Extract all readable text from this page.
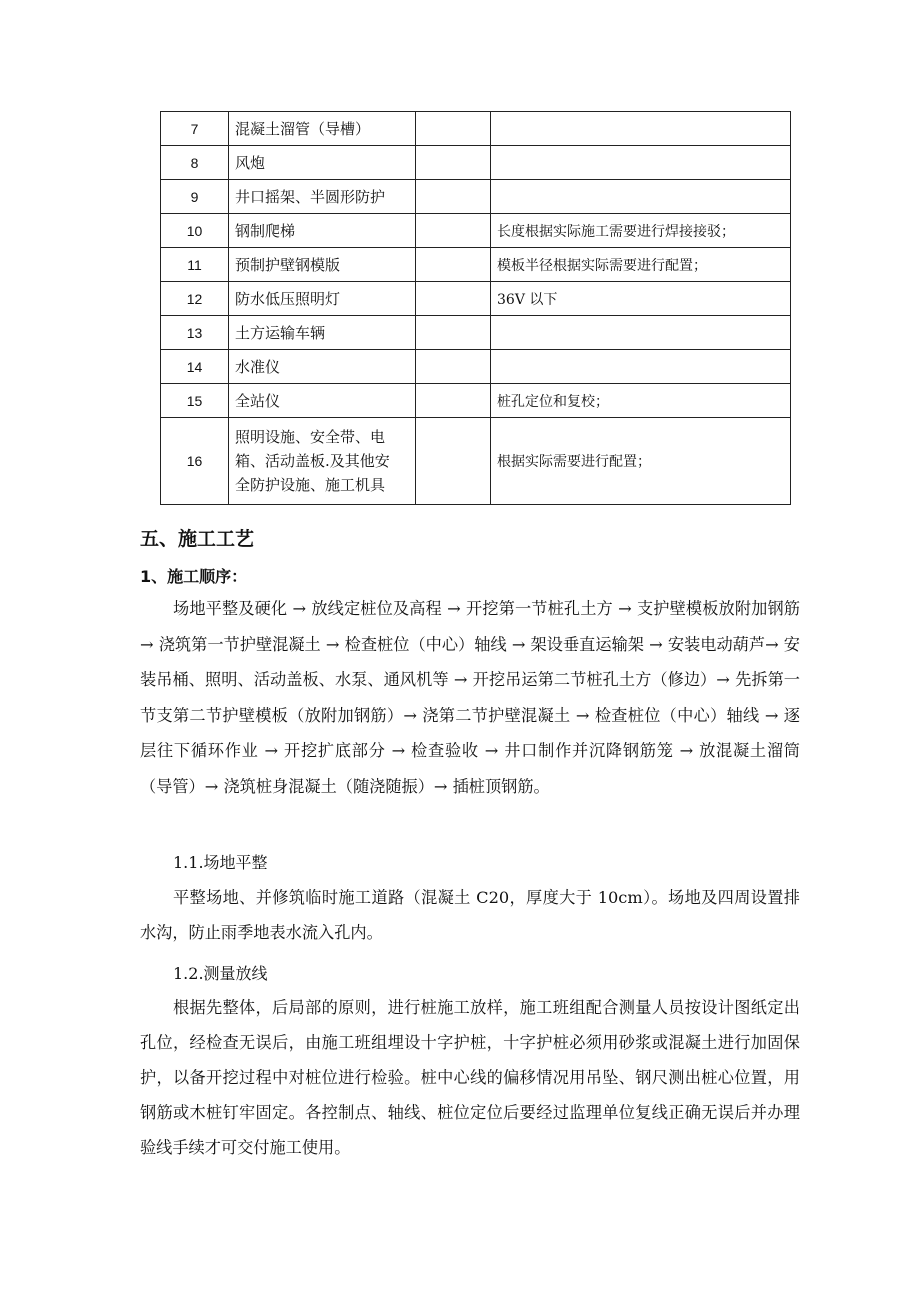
7	混凝土溜管（导槽）		
8	风炮		
9	井口摇架、半圆形防护		
10	钢制爬梯		长度根据实际施工需要进行焊接接驳；
11	预制护壁钢模版		模板半径根据实际需要进行配置；
12	防水低压照明灯		36V 以下
13	土方运输车辆		
14	水准仪		
15	全站仪		桩孔定位和复校；
16	照明设施、安全带、电
箱、活动盖板.及其他安
全防护设施、施工机具		根据实际需要进行配置；
五、施工工艺
1、施工顺序：

场地平整及硬化 → 放线定桩位及高程 → 开挖第一节桩孔土方 → 支护壁模板放附加钢筋 → 浇筑第一节护壁混凝土 → 检查桩位（中心）轴线 → 架设垂直运输架 → 安装电动葫芦→ 安装吊桶、照明、活动盖板、水泵、通风机等 → 开挖吊运第二节桩孔土方（修边）→ 先拆第一节支第二节护壁模板（放附加钢筋）→ 浇第二节护壁混凝土 → 检查桩位（中心）轴线 → 逐层往下循环作业 → 开挖扩底部分 → 检查验收 → 井口制作并沉降钢筋笼 → 放混凝土溜筒（导管）→ 浇筑桩身混凝土（随浇随振）→ 插桩顶钢筋。

1.1.场地平整

平整场地、并修筑临时施工道路（混凝土 C20，厚度大于 10cm）。场地及四周设置排水沟，防止雨季地表水流入孔内。

1.2.测量放线

根据先整体，后局部的原则，进行桩施工放样，施工班组配合测量人员按设计图纸定出孔位，经检查无误后，由施工班组埋设十字护桩，十字护桩必须用砂浆或混凝土进行加固保护，以备开挖过程中对桩位进行检验。桩中心线的偏移情况用吊坠、钢尺测出桩心位置，用钢筋或木桩钉牢固定。各控制点、轴线、桩位定位后要经过监理单位复线正确无误后并办理验线手续才可交付施工使用。
